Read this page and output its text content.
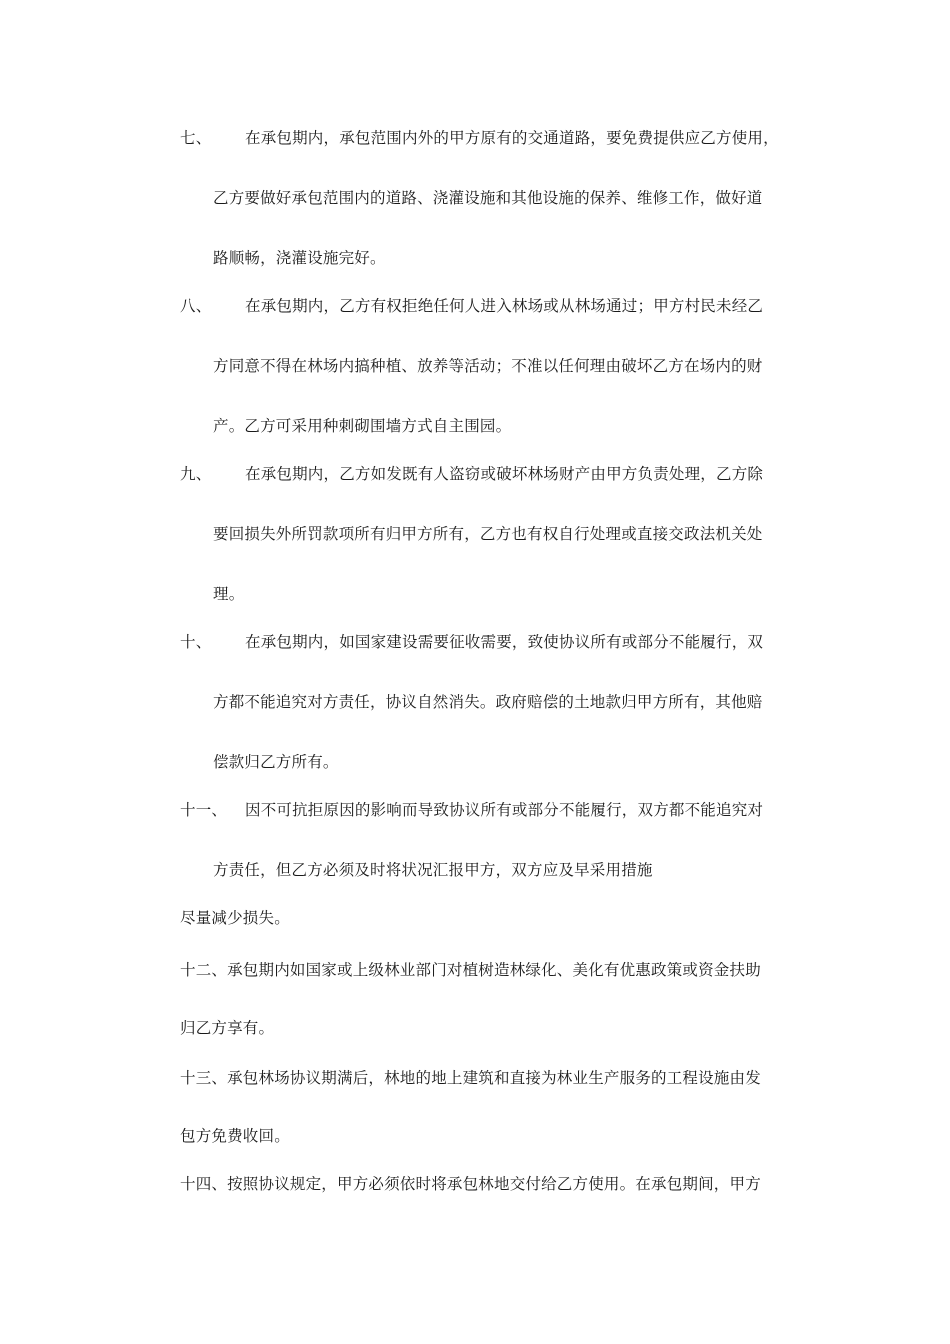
七、 在承包期内，承包范围内外的甲方原有的交通道路，要免费提供应乙方使用，
乙方要做好承包范围内的道路、浇灌设施和其他设施的保养、维修工作，做好道
路顺畅，浇灌设施完好。
八、 在承包期内，乙方有权拒绝任何人进入林场或从林场通过；甲方村民未经乙
方同意不得在林场内搞种植、放养等活动；不准以任何理由破坏乙方在场内的财
产。乙方可采用种刺砌围墙方式自主围园。
九、 在承包期内，乙方如发既有人盗窃或破坏林场财产由甲方负责处理，乙方除
要回损失外所罚款项所有归甲方所有，乙方也有权自行处理或直接交政法机关处
理。
十、 在承包期内，如国家建设需要征收需要，致使协议所有或部分不能履行，双
方都不能追究对方责任，协议自然消失。政府赔偿的土地款归甲方所有，其他赔
偿款归乙方所有。
十一、 因不可抗拒原因的影响而导致协议所有或部分不能履行，双方都不能追究对
方责任，但乙方必须及时将状况汇报甲方，双方应及早采用措施
尽量减少损失。
十二、承包期内如国家或上级林业部门对植树造林绿化、美化有优惠政策或资金扶助
归乙方享有。
十三、承包林场协议期满后，林地的地上建筑和直接为林业生产服务的工程设施由发
包方免费收回。
十四、按照协议规定，甲方必须依时将承包林地交付给乙方使用。在承包期间，甲方
